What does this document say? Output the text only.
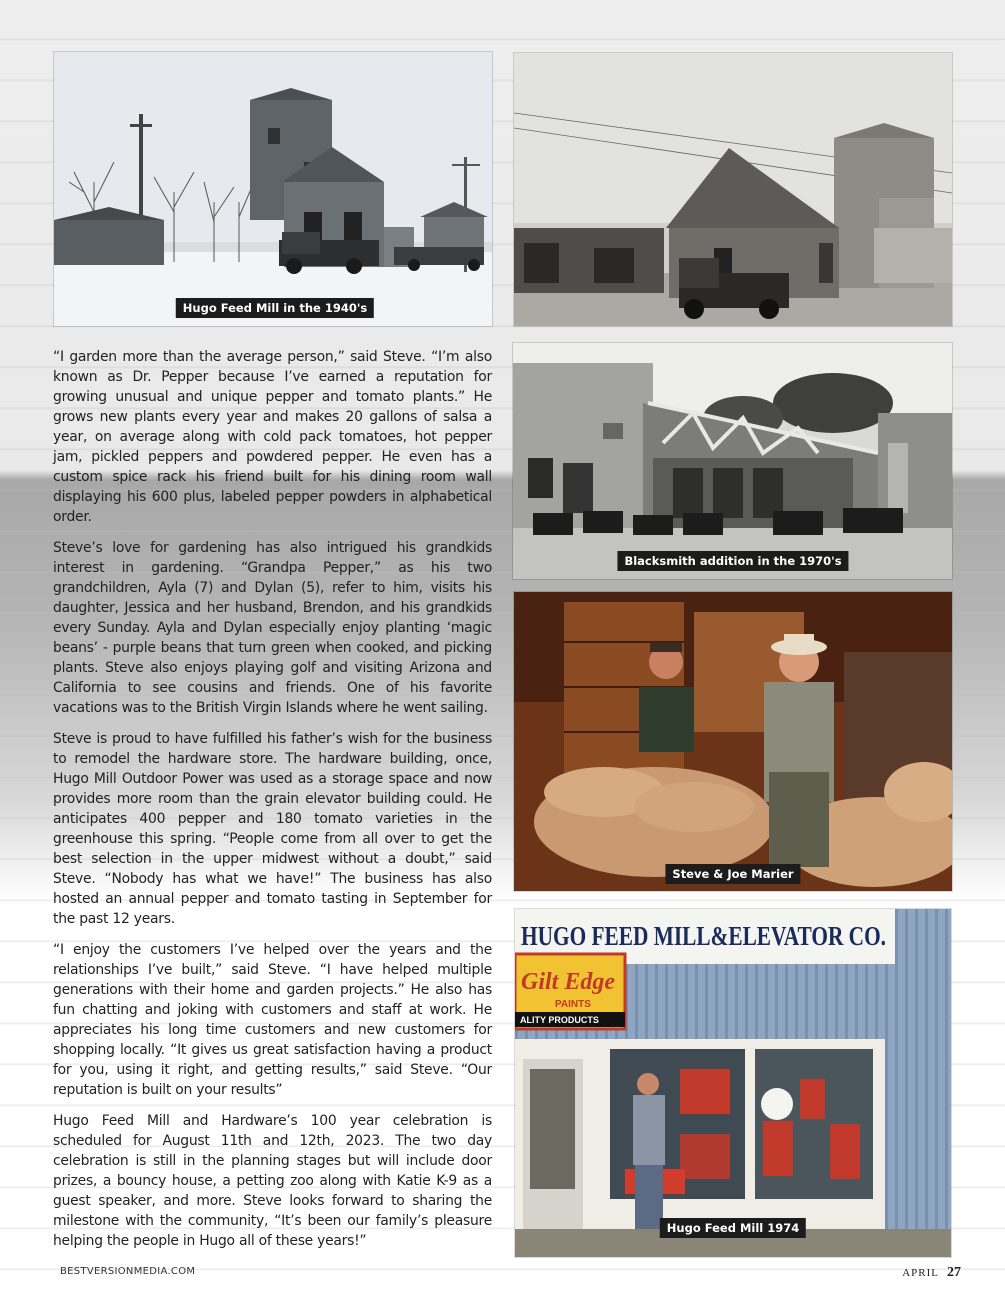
Hugo Feed Mill in the 1940's
Blacksmith addition in the 1970's
Steve & Joe Marier
HUGO FEED MILL&ELEVATOR CO.
Gilt Edge
PAINTS
ALITY PRODUCTS
Hugo Feed Mill 1974

“I garden more than the average person,” said Steve. “I’m also known as Dr. Pepper because I’ve earned a reputation for growing unusual and unique pepper and tomato plants.” He grows new plants every year and makes 20 gallons of salsa a year, on average along with cold pack tomatoes, hot pepper jam, pickled peppers and powdered pepper. He even has a custom spice rack his friend built for his dining room wall displaying his 600 plus, labeled pepper powders in alphabetical order.

Steve’s love for gardening has also intrigued his grandkids interest in gardening. “Grandpa Pepper,” as his two grandchildren, Ayla (7) and Dylan (5), refer to him, visits his daughter, Jessica and her husband, Brendon, and his grandkids every Sunday. Ayla and Dylan especially enjoy planting ‘magic beans’ - purple beans that turn green when cooked, and picking plants. Steve also enjoys playing golf and visiting Arizona and California to see cousins and friends. One of his favorite vacations was to the British Virgin Islands where he went sailing.

Steve is proud to have fulfilled his father’s wish for the business to remodel the hardware store. The hardware building, once, Hugo Mill Outdoor Power was used as a storage space and now provides more room than the grain elevator building could. He anticipates 400 pepper and 180 tomato varieties in the greenhouse this spring. “People come from all over to get the best selection in the upper midwest without a doubt,” said Steve. “Nobody has what we have!” The business has also hosted an annual pepper and tomato tasting in September for the past 12 years.

“I enjoy the customers I’ve helped over the years and the relationships I’ve built,” said Steve. “I have helped multiple generations with their home and garden projects.” He also has fun chatting and joking with customers and staff at work. He appreciates his long time customers and new customers for shopping locally. “It gives us great satisfaction having a product for you, using it right, and getting results,” said Steve. “Our reputation is built on your results”

Hugo Feed Mill and Hardware’s 100 year celebration is scheduled for August 11th and 12th, 2023. The two day celebration is still in the planning stages but will include door prizes, a bouncy house, a petting zoo along with Katie K-9 as a guest speaker, and more. Steve looks forward to sharing the milestone with the community, “It’s been our family’s pleasure helping the people in Hugo all of these years!”

BESTVERSIONMEDIA.COM	APRIL 27
